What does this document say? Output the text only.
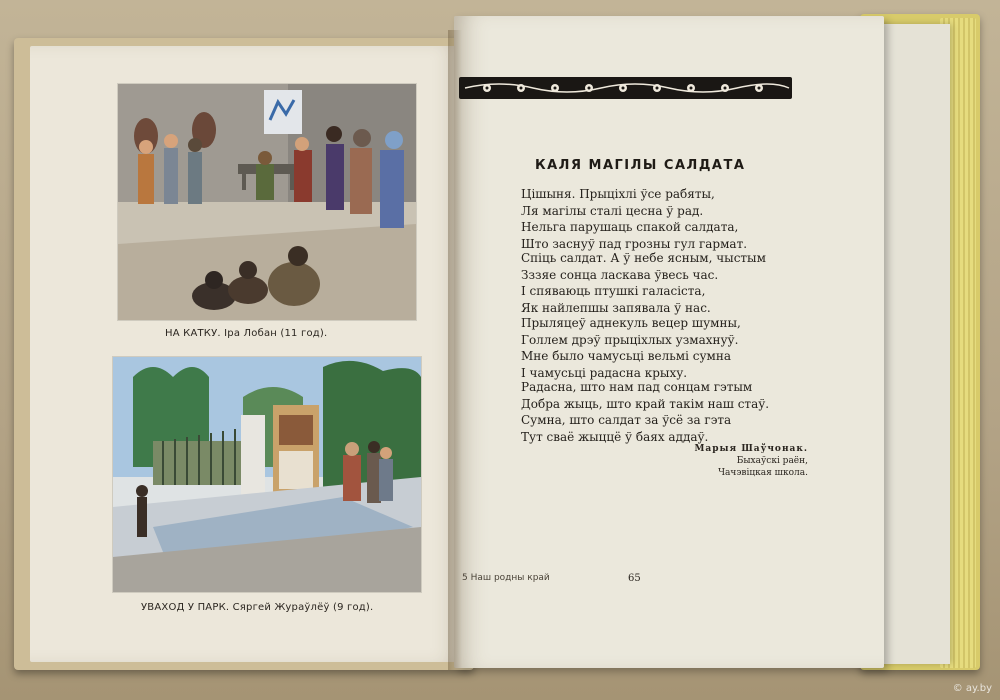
НА КАТКУ. Іра Лобан (11 год).
УВАХОД У ПАРК. Сяргей Жураўлёў (9 год).
КАЛЯ МАГІЛЫ САЛДАТА
Цішыня. Прыціхлі ўсе рабяты,
Ля магілы сталі цесна ў рад.
Нельга парушаць спакой салдата,
Што заснуў пад грозны гул гармат.
Спіць салдат. А ў небе ясным, чыстым
Зззяе сонца ласкава ўвесь час.
І спяваюць птушкі галасіста,
Як найлепшы запявала ў нас.
Прыляцеў аднекуль вецер шумны,
Голлем дрэў прыціхлых узмахнуў.
Мне было чамусьці вельмі сумна
І чамусьці радасна крыху.
Радасна, што нам пад сонцам гэтым
Добра жыць, што край такім наш стаў.
Сумна, што салдат за ўсё за гэта
Тут сваё жыццё ў баях аддаў.
Марыя Шаўчонак.
Быхаўскі раён,
Чачэвіцкая школа.
5 Наш родны край	65
© ay.by
